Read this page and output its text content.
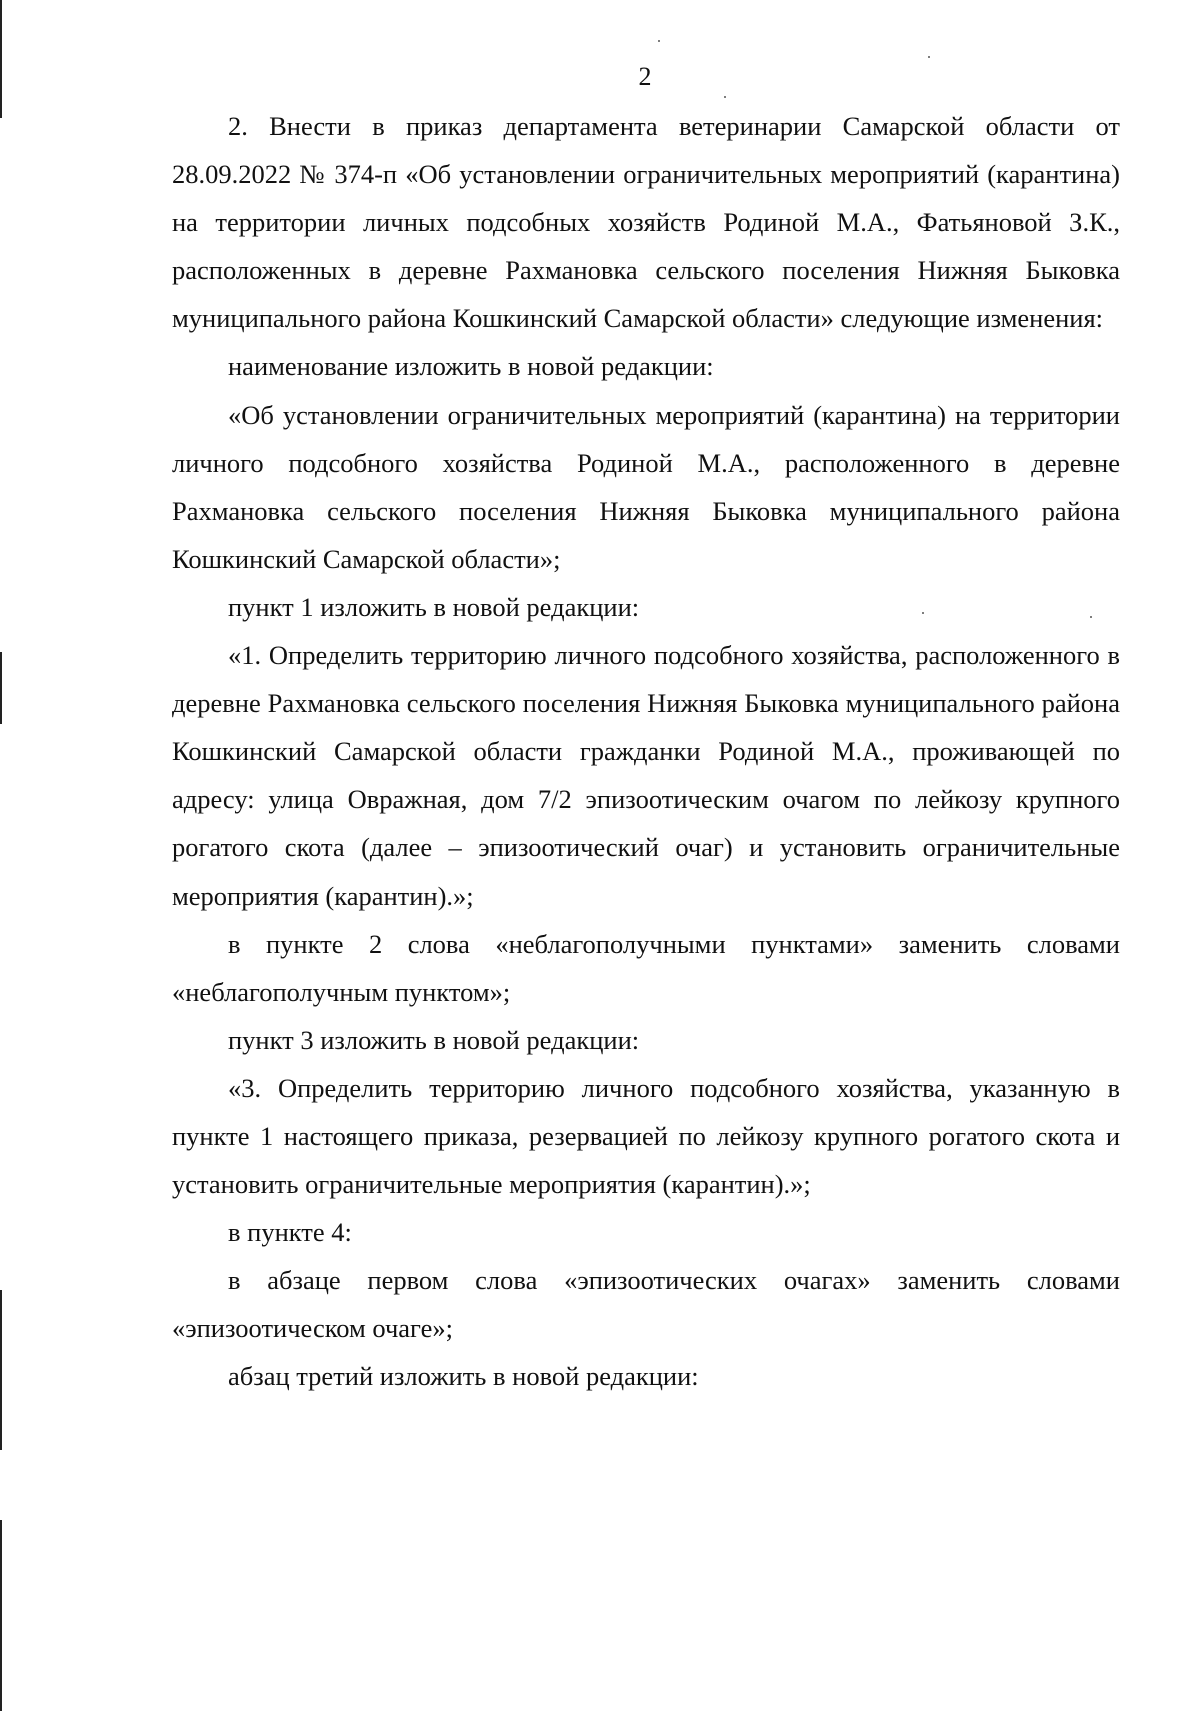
2

2. Внести в приказ департамента ветеринарии Самарской области от 28.09.2022 № 374-п «Об установлении ограничительных мероприятий (карантина) на территории личных подсобных хозяйств Родиной М.А., Фатьяновой З.К., расположенных в деревне Рахмановка сельского поселения Нижняя Быковка муниципального района Кошкинский Самарской области» следующие изменения:

наименование изложить в новой редакции:

«Об установлении ограничительных мероприятий (карантина) на территории личного подсобного хозяйства Родиной М.А., расположенного в деревне Рахмановка сельского поселения Нижняя Быковка муниципального района Кошкинский Самарской области»;

пункт 1 изложить в новой редакции:

«1. Определить территорию личного подсобного хозяйства, расположенного в деревне Рахмановка сельского поселения Нижняя Быковка муниципального района Кошкинский Самарской области гражданки Родиной М.А., проживающей по адресу: улица Овражная, дом 7/2 эпизоотическим очагом по лейкозу крупного рогатого скота (далее – эпизоотический очаг) и установить ограничительные мероприятия (карантин).»;

в пункте 2 слова «неблагополучными пунктами» заменить словами «неблагополучным пунктом»;

пункт 3 изложить в новой редакции:

«3. Определить территорию личного подсобного хозяйства, указанную в пункте 1 настоящего приказа, резервацией по лейкозу крупного рогатого скота и установить ограничительные мероприятия (карантин).»;

в пункте 4:

в абзаце первом слова «эпизоотических очагах» заменить словами «эпизоотическом очаге»;

абзац третий изложить в новой редакции:
